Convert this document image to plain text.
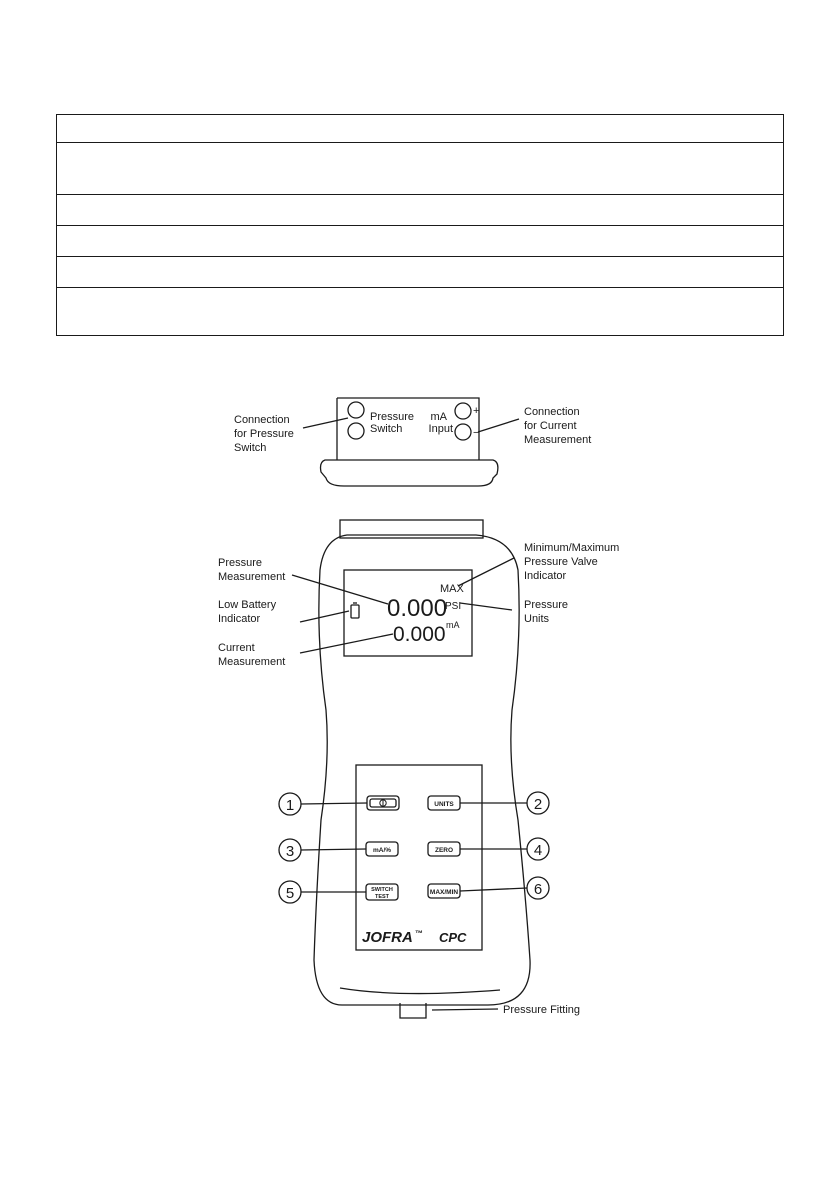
Pressure
Switch
mA
Input
+
−
Connection
for Pressure
Switch
Connection
for Current
Measurement
Pressure
Measurement
Low Battery
Indicator
Current
Measurement
Minimum/Maximum
Pressure Valve
Indicator
Pressure
Units
Pressure Fitting
MAX
0.000
PSI
0.000 mA
UNITS
mA/%	ZERO
SWITCH
TEST
MAX/MIN
1	2
3	4
5	6
JOFRA ™ CPC
